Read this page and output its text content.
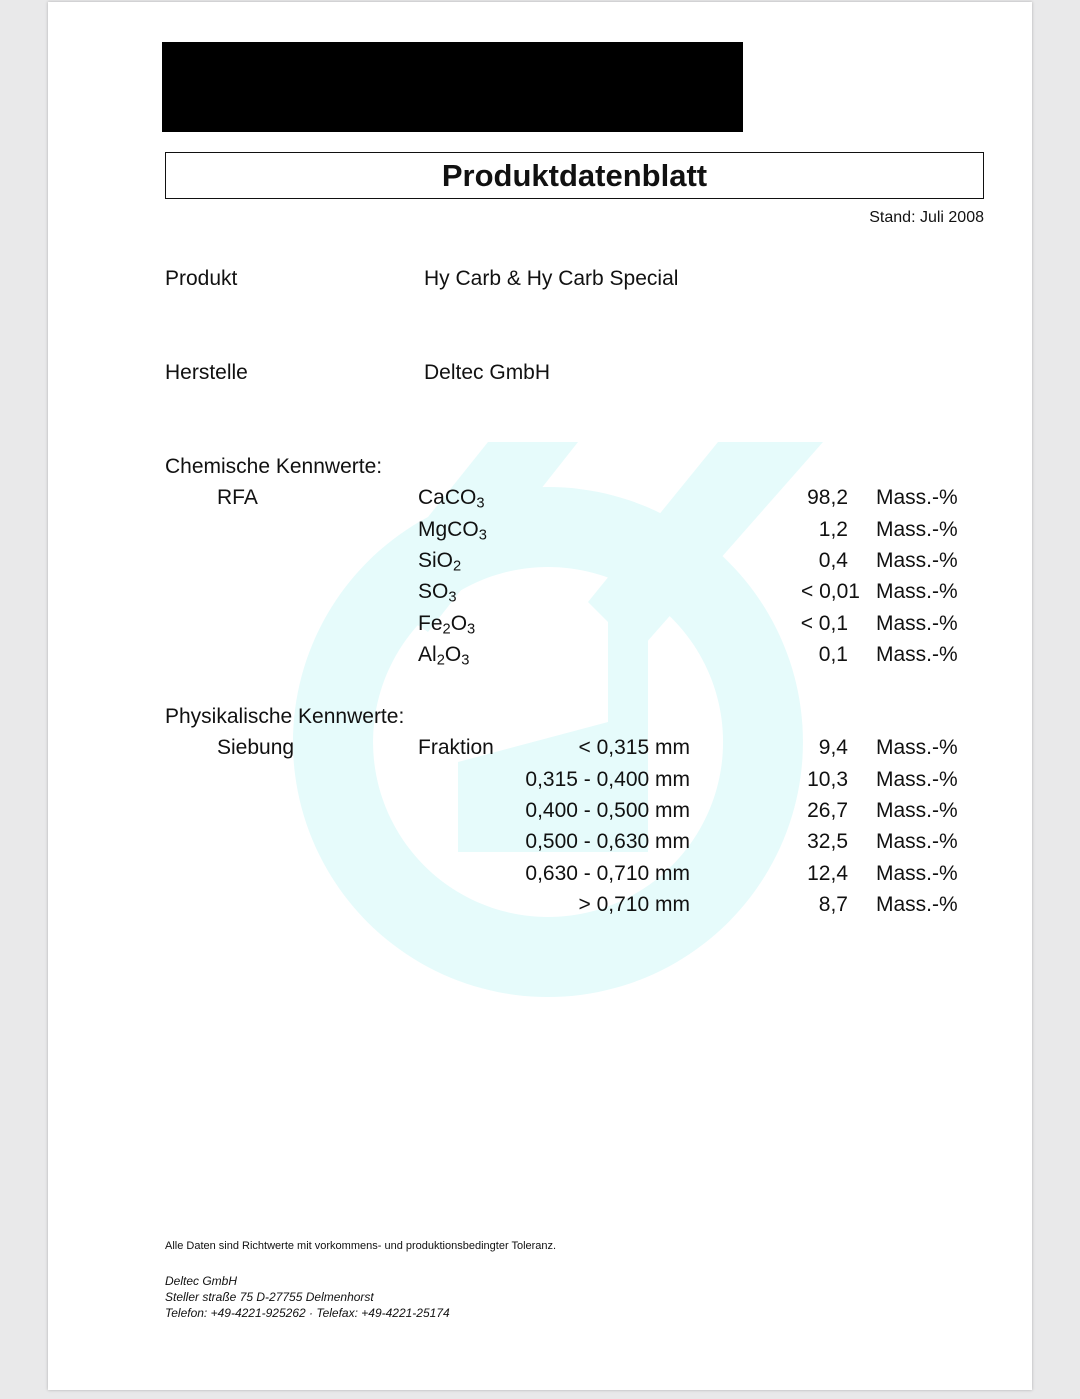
Produktdatenblatt
Stand: Juli 2008
Produkt	Hy Carb & Hy Carb Special
Herstelle	Deltec GmbH
Chemische Kennwerte:
RFA	CaCO$_3$	98,2 Mass.-%
MgCO$_3$	1,2 Mass.-%
SiO$_2$	0,4 Mass.-%
$SO_3$	< 0,01 Mass.-%
$Fe_2O_3$	< 0,1 Mass.-%
$Al_2O_3$	0,1 Mass.-%
Physikalische Kennwerte:
Siebung	Fraktion	< 0,315 mm	9,4 Mass.-%
0,315 - 0,400 mm	10,3 Mass.-%
0,400 - 0,500 mm	26,7 Mass.-%
0,500 - 0,630 mm	32,5 Mass.-%
0,630 - 0,710 mm	12,4 Mass.-%
> 0,710 mm	8,7 Mass.-%
Alle Daten sind Richtwerte mit vorkommens- und produktionsbedingter Toleranz.
Deltec GmbH
Steller straße 75 D-27755 Delmenhorst
Telefon: +49-4221-925262 · Telefax: +49-4221-25174
